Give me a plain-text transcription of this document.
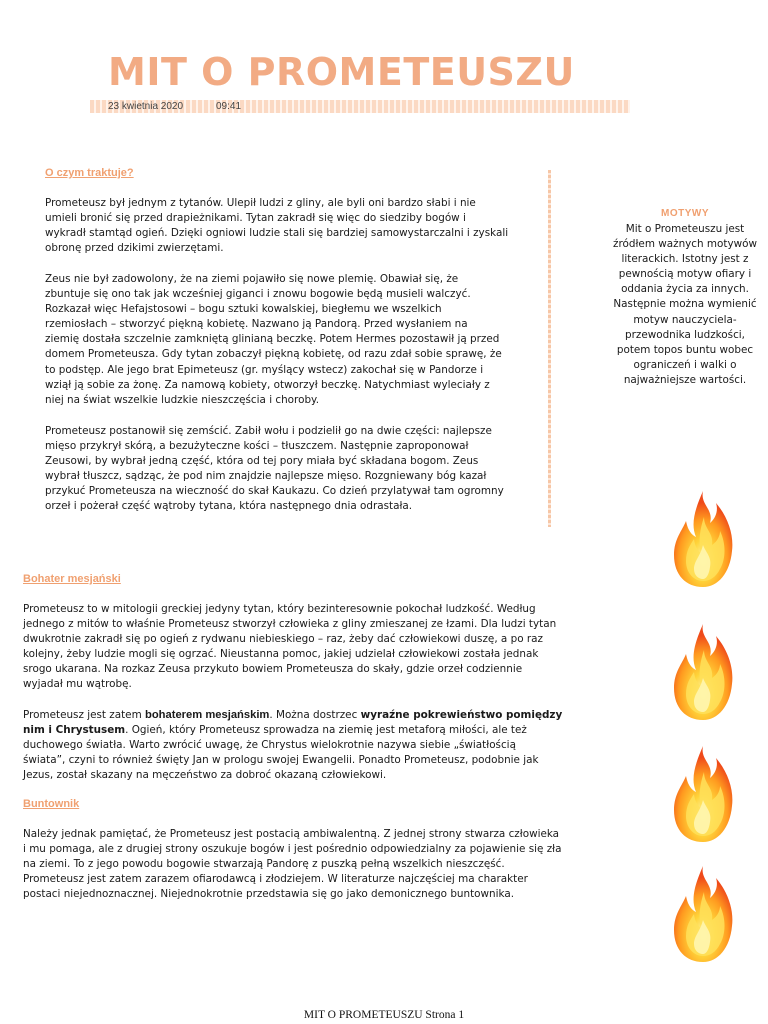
MIT O PROMETEUSZU
23 kwietnia 2020	09:41
O czym traktuje?
Prometeusz był jednym z tytanów. Ulepił ludzi z gliny, ale byli oni bardzo słabi i nie
umieli bronić się przed drapieżnikami. Tytan zakradł się więc do siedziby bogów i
wykradł stamtąd ogień. Dzięki ogniowi ludzie stali się bardziej samowystarczalni i zyskali
obronę przed dzikimi zwierzętami.
Zeus nie był zadowolony, że na ziemi pojawiło się nowe plemię. Obawiał się, że
zbuntuje się ono tak jak wcześniej giganci i znowu bogowie będą musieli walczyć.
Rozkazał więc Hefajstosowi – bogu sztuki kowalskiej, biegłemu we wszelkich
rzemiosłach – stworzyć piękną kobietę. Nazwano ją Pandorą. Przed wysłaniem na
ziemię dostała szczelnie zamkniętą glinianą beczkę. Potem Hermes pozostawił ją przed
domem Prometeusza. Gdy tytan zobaczył piękną kobietę, od razu zdał sobie sprawę, że
to podstęp. Ale jego brat Epimeteusz (gr. myślący wstecz) zakochał się w Pandorze i
wziął ją sobie za żonę. Za namową kobiety, otworzył beczkę. Natychmiast wyleciały z
niej na świat wszelkie ludzkie nieszczęścia i choroby.
Prometeusz postanowił się zemścić. Zabił wołu i podzielił go na dwie części: najlepsze
mięso przykrył skórą, a bezużyteczne kości – tłuszczem. Następnie zaproponował
Zeusowi, by wybrał jedną część, która od tej pory miała być składana bogom. Zeus
wybrał tłuszcz, sądząc, że pod nim znajdzie najlepsze mięso. Rozgniewany bóg kazał
przykuć Prometeusza na wieczność do skał Kaukazu. Co dzień przylatywał tam ogromny
orzeł i pożerał część wątroby tytana, która następnego dnia odrastała.
MOTYWY
Mit o Prometeuszu jest
źródłem ważnych motywów
literackich. Istotny jest z
pewnością motyw ofiary i
oddania życia za innych.
Następnie można wymienić
motyw nauczyciela-
przewodnika ludzkości,
potem topos buntu wobec
ograniczeń i walki o
najważniejsze wartości.
Bohater mesjański
Prometeusz to w mitologii greckiej jedyny tytan, który bezinteresownie pokochał ludzkość. Według
jednego z mitów to właśnie Prometeusz stworzył człowieka z gliny zmieszanej ze łzami. Dla ludzi tytan
dwukrotnie zakradł się po ogień z rydwanu niebieskiego – raz, żeby dać człowiekowi duszę, a po raz
kolejny, żeby ludzie mogli się ogrzać. Nieustanna pomoc, jakiej udzielał człowiekowi została jednak
srogo ukarana. Na rozkaz Zeusa przykuto bowiem Prometeusza do skały, gdzie orzeł codziennie
wyjadał mu wątrobę.
Prometeusz jest zatem bohaterem mesjańskim. Można dostrzec wyraźne pokrewieństwo pomiędzy
nim i Chrystusem. Ogień, który Prometeusz sprowadza na ziemię jest metaforą miłości, ale też
duchowego światła. Warto zwrócić uwagę, że Chrystus wielokrotnie nazywa siebie „światłością
świata”, czyni to również święty Jan w prologu swojej Ewangelii. Ponadto Prometeusz, podobnie jak
Jezus, został skazany na męczeństwo za dobroć okazaną człowiekowi.
Buntownik
Należy jednak pamiętać, że Prometeusz jest postacią ambiwalentną. Z jednej strony stwarza człowieka
i mu pomaga, ale z drugiej strony oszukuje bogów i jest pośrednio odpowiedzialny za pojawienie się zła
na ziemi. To z jego powodu bogowie stwarzają Pandorę z puszką pełną wszelkich nieszczęść.
Prometeusz jest zatem zarazem ofiarodawcą i złodziejem. W literaturze najczęściej ma charakter
postaci niejednoznacznej. Niejednokrotnie przedstawia się go jako demonicznego buntownika.
MIT O PROMETEUSZU Strona 1
